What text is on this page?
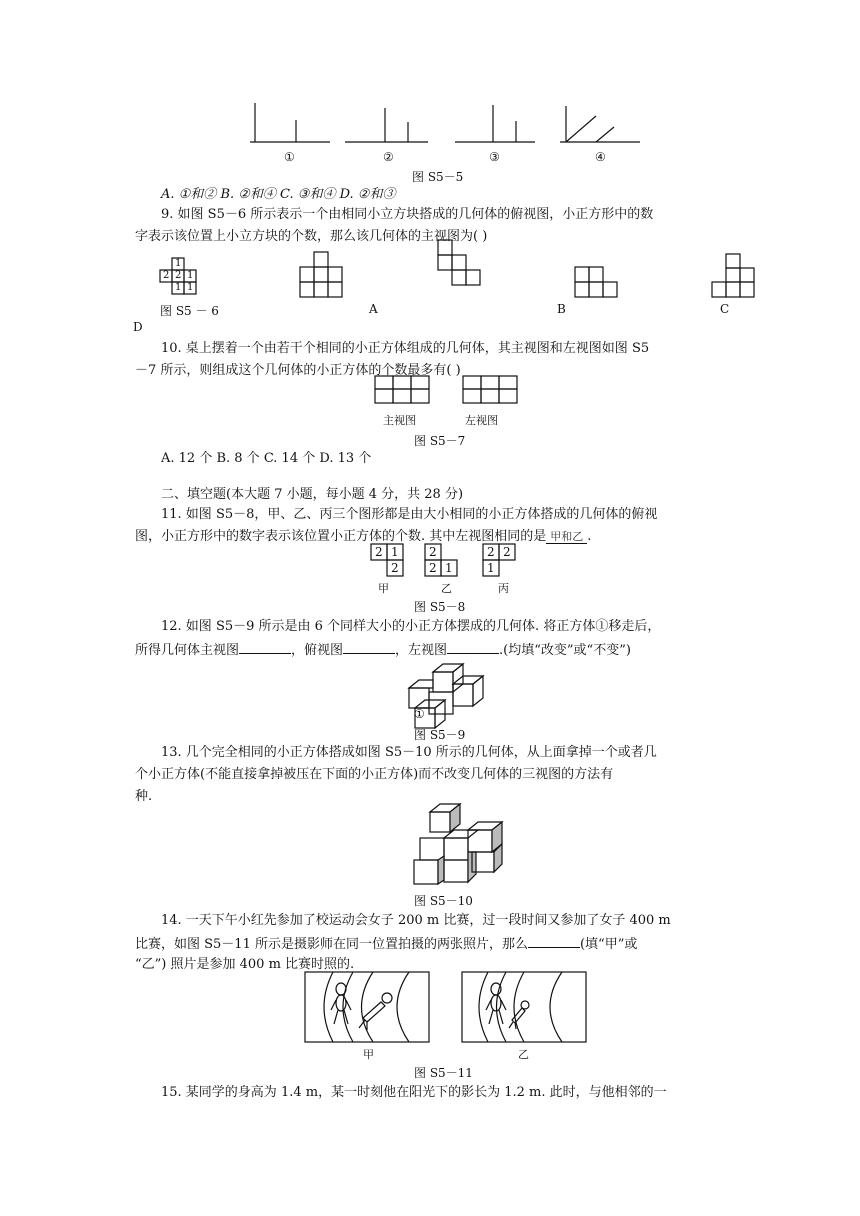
①	②	③	④
图 S5－5
A. ①和② B. ②和④ C. ③和④ D. ②和③
9. 如图 S5－6 所示表示一个由相同小立方块搭成的几何体的俯视图，小正方形中的数
字表示该位置上小立方块的个数，那么该几何体的主视图为( )
1
2 2 1
1 1
图 S5 － 6	A	B	C
D
10. 桌上摆着一个由若干个相同的小正方体组成的几何体，其主视图和左视图如图 S5
－7 所示，则组成这个几何体的小正方体的个数最多有( )
主视图	左视图
图 S5－7
A. 12 个 B. 8 个 C. 14 个 D. 13 个
二、填空题(本大题 7 小题，每小题 4 分，共 28 分)
11. 如图 S5－8，甲、乙、丙三个图形都是由大小相同的小正方体搭成的几何体的俯视
图，小正方形中的数字表示该位置小正方体的个数. 其中左视图相同的是 甲和乙 .
2 1
2
2
2 1
2 2
1
甲	乙	丙
图 S5－8
12. 如图 S5－9 所示是由 6 个同样大小的小正方体摆成的几何体. 将正方体①移走后，
所得几何体主视图	，俯视图	，左视图	.(均填“改变”或“不变”)
①
图 S5－9
13. 几个完全相同的小正方体搭成如图 S5－10 所示的几何体，从上面拿掉一个或者几
个小正方体(不能直接拿掉被压在下面的小正方体)而不改变几何体的三视图的方法有
种.
图 S5－10
14. 一天下午小红先参加了校运动会女子 200 m 比赛，过一段时间又参加了女子 400 m
比赛，如图 S5－11 所示是摄影师在同一位置拍摄的两张照片，那么	(填“甲”或
“乙”) 照片是参加 400 m 比赛时照的.
甲	乙
图 S5－11
15. 某同学的身高为 1.4 m，某一时刻他在阳光下的影长为 1.2 m. 此时，与他相邻的一
